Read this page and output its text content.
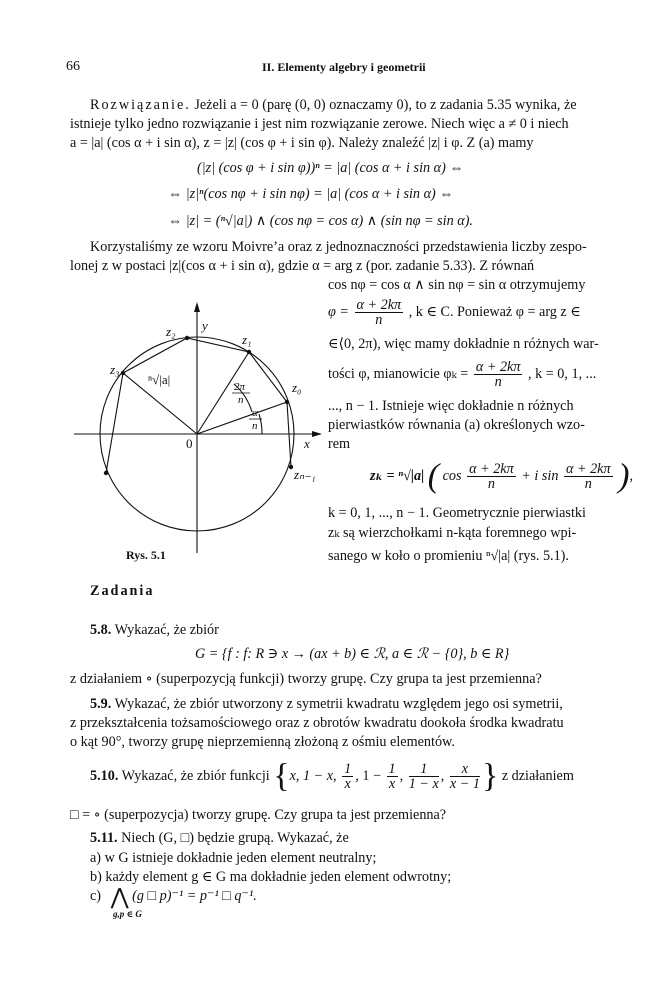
66	II. Elementy algebry i geometrii
Rozwiązanie. Jeżeli a = 0 (parę (0, 0) oznaczamy 0), to z zadania 5.35 wynika, że
istnieje tylko jedno rozwiązanie i jest nim rozwiązanie zerowe. Niech więc a ≠ 0 i niech
a = |a| (cos α + i sin α), z = |z| (cos φ + i sin φ). Należy znaleźć |z| i φ. Z (a) mamy
(|z| (cos φ + i sin φ))ⁿ = |a| (cos α + i sin α) ⇔
⇔ |z|ⁿ(cos nφ + i sin nφ) = |a| (cos α + i sin α) ⇔
⇔ |z| = (ⁿ√|a|) ∧ (cos nφ = cos α) ∧ (sin nφ = sin α).
Korzystaliśmy ze wzoru Moivre’a oraz z jednoznaczności przedstawienia liczby zespo-
lonej z w postaci |z|(cos α + i sin α), gdzie α = arg z (por. zadanie 5.33). Z równań
cos nφ = cos α ∧ sin nφ = sin α otrzymujemy
$\varphi = \frac{\alpha + 2k\pi}{n}$ , k ∈ C. Ponieważ φ = arg z ∈
∈⟨0, 2π), więc mamy dokładnie n różnych war-
tości φ, mianowicie $\varphi_k = \frac{\alpha + 2k\pi}{n}$ , k = 0, 1, ...
..., n − 1. Istnieje więc dokładnie n różnych
pierwiastków równania (a) określonych wzo-
rem
zₖ = ⁿ√|a| ( $\cos \frac{\alpha + 2k\pi}{n} + i$ $\sin \frac{\alpha + 2k\pi}{n}$ ),
k = 0, 1, ..., n − 1. Geometrycznie pierwiastki
zₖ są wierzchołkami n-kąta foremnego wpi-
sanego w koło o promieniu ⁿ√|a| (rys. 5.1).
y
x
0
z₀
z₁
z₂
z₃
zₙ₋₁
ⁿ√|a|	2π
n
α
n
Rys. 5.1
Zadania
5.8. Wykazać, że zbiór
G = {f : f: R ∋ x → (ax + b) ∈ ℛ, a ∈ ℛ − {0}, b ∈ R}
z działaniem ∘ (superpozycją funkcji) tworzy grupę. Czy grupa ta jest przemienna?
5.9. Wykazać, że zbiór utworzony z symetrii kwadratu względem jego osi symetrii,
z przekształcenia tożsamościowego oraz z obrotów kwadratu dookoła środka kwadratu
o kąt 90°, tworzy grupę nieprzemienną złożoną z ośmiu elementów.
5.10. Wykazać, że zbiór funkcji {x, 1 − x, $\frac{1}{x}$ , $1 - \frac{1}{x}$ , $\frac{1}{1 - x}$ , $\frac{x}{x - 1}$ } z działaniem
□ = ∘ (superpozycja) tworzy grupę. Czy grupa ta jest przemienna?
5.11. Niech (G, □) będzie grupą. Wykazać, że
a) w G istnieje dokładnie jeden element neutralny;
b) każdy element g ∈ G ma dokładnie jeden element odwrotny;
c) ⋀ (g □ p)⁻¹ = p⁻¹ □ q⁻¹.
g,p ∈ G
